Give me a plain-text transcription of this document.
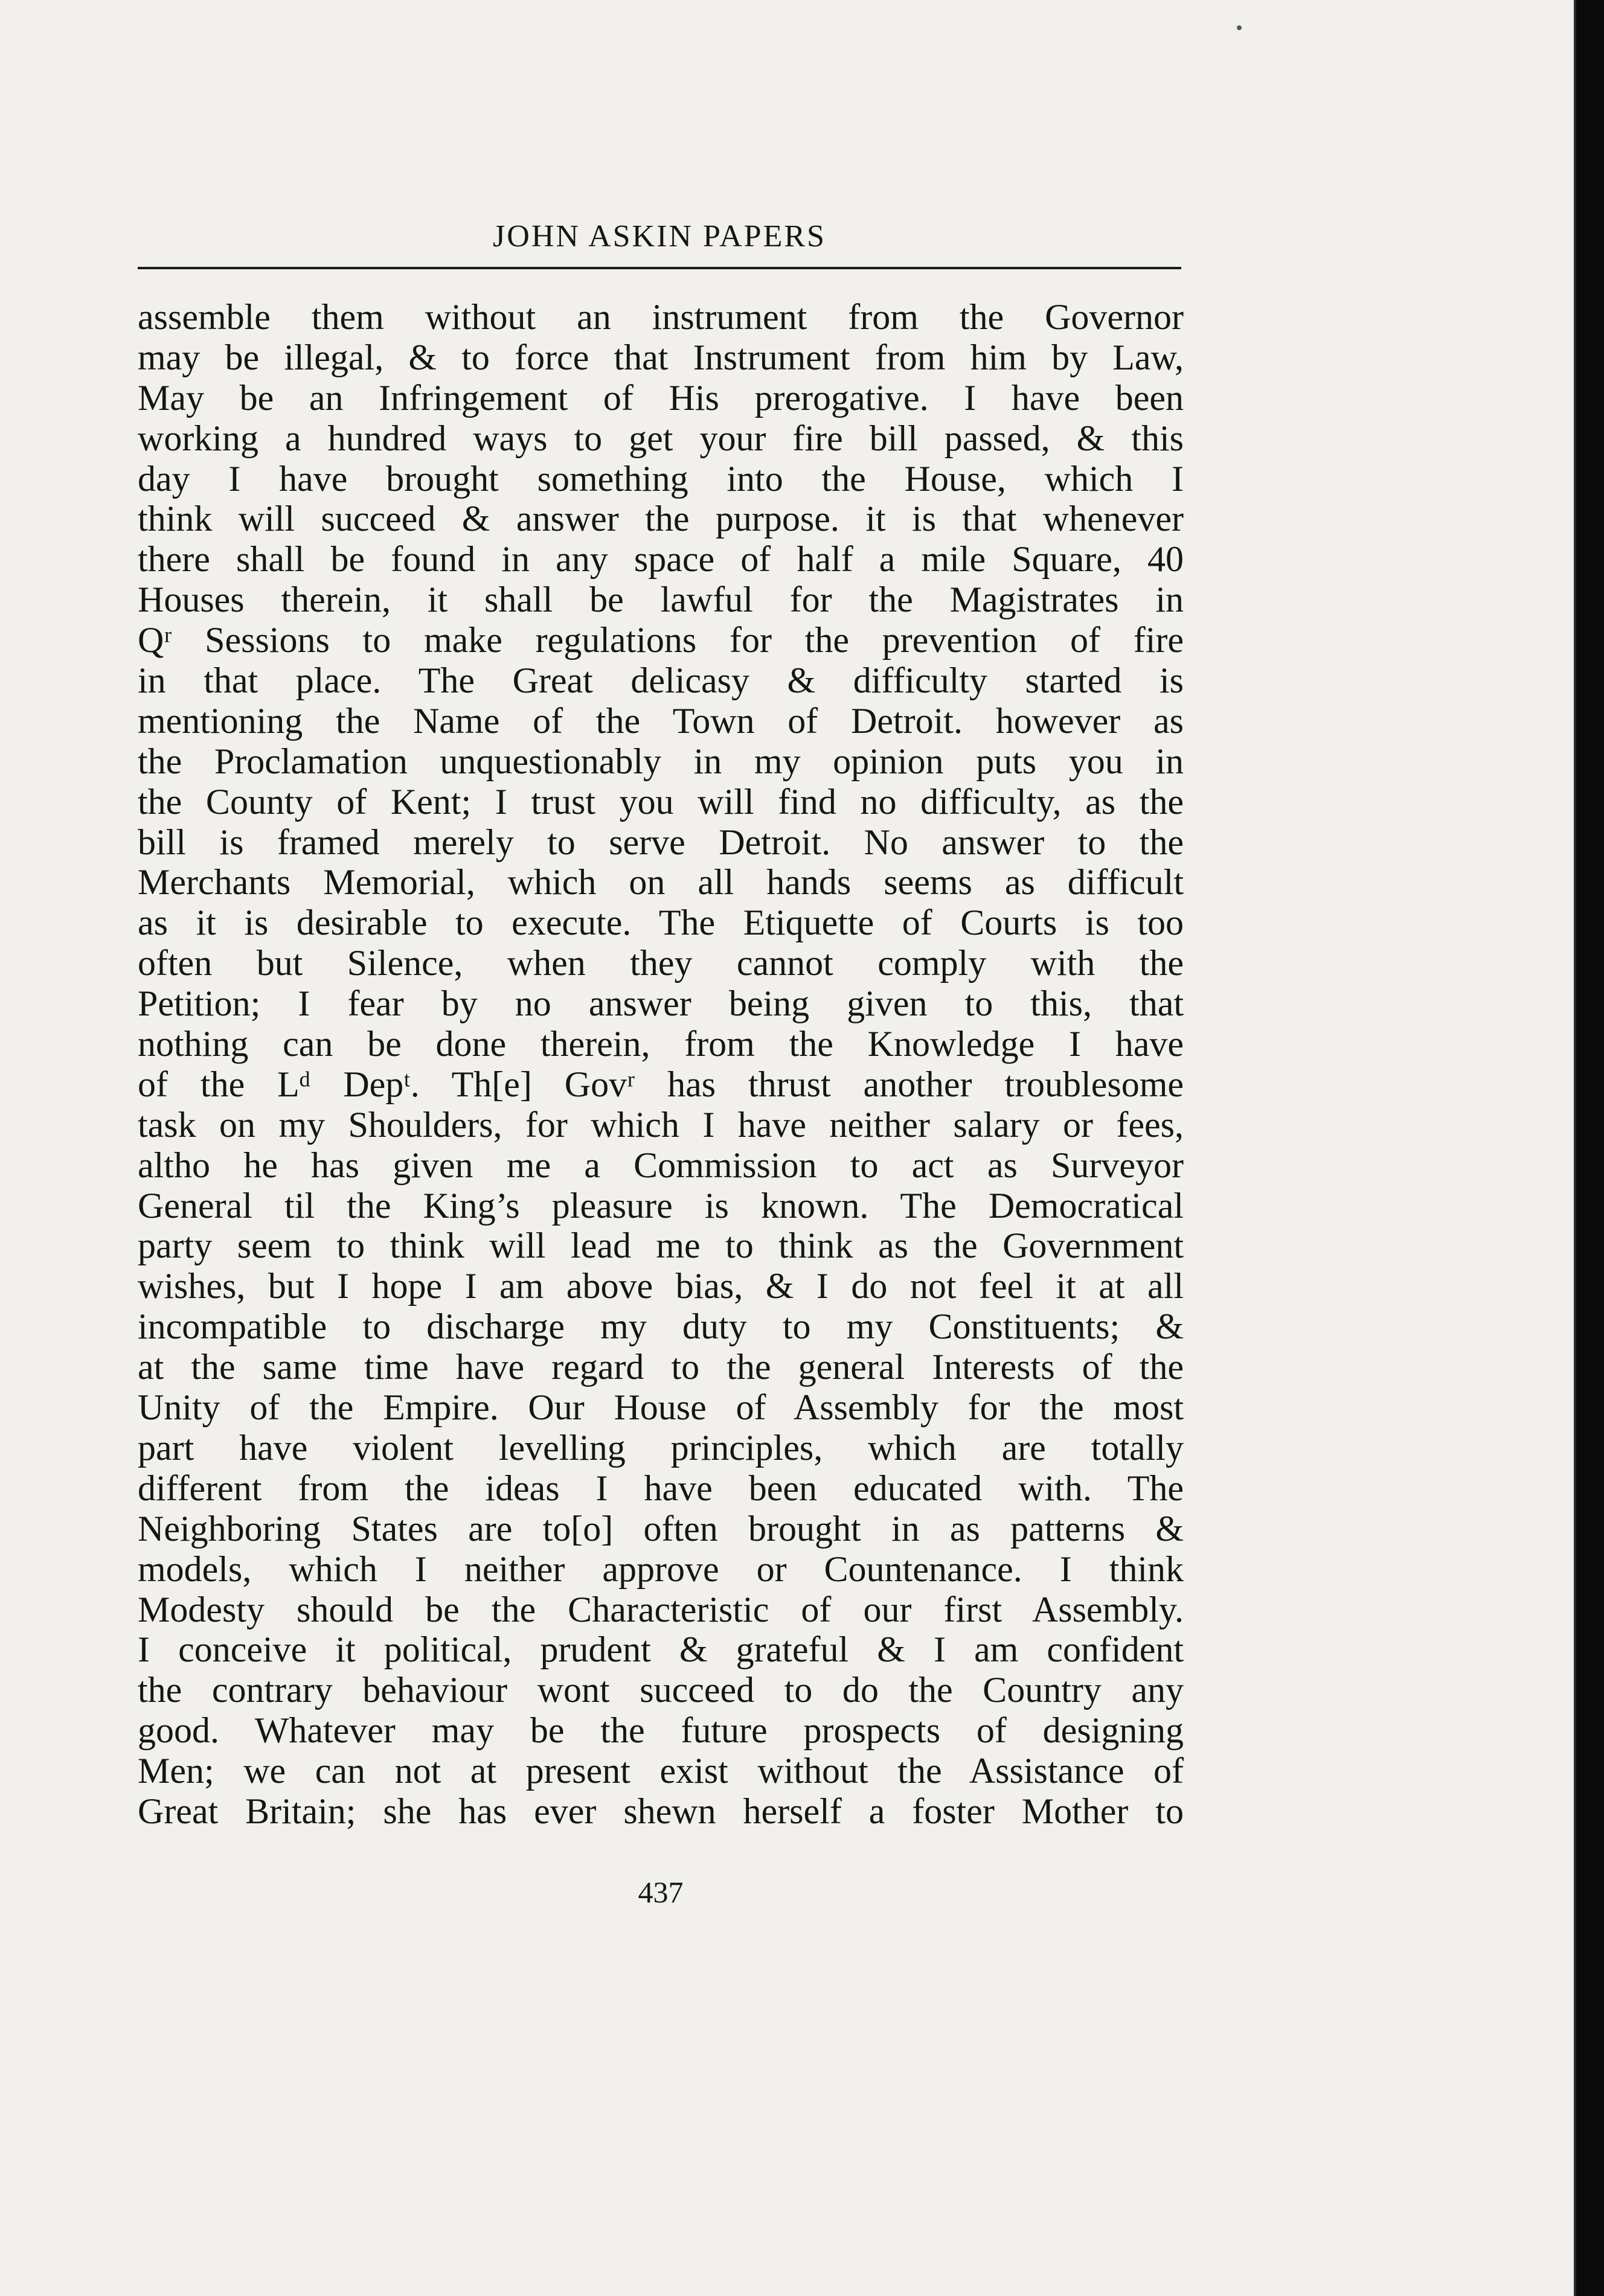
JOHN ASKIN PAPERS
assemble them without an instrument from the Governor
may be illegal, & to force that Instrument from him by Law,
May be an Infringement of His prerogative. I have been
working a hundred ways to get your fire bill passed, & this
day I have brought something into the House, which I
think will succeed & answer the purpose. it is that whenever
there shall be found in any space of half a mile Square, 40
Houses therein, it shall be lawful for the Magistrates in
Qʳ Sessions to make regulations for the prevention of fire
in that place. The Great delicasy & difficulty started is
mentioning the Name of the Town of Detroit. however as
the Proclamation unquestionably in my opinion puts you in
the County of Kent; I trust you will find no difficulty, as the
bill is framed merely to serve Detroit. No answer to the
Merchants Memorial, which on all hands seems as difficult
as it is desirable to execute. The Etiquette of Courts is too
often but Silence, when they cannot comply with the
Petition; I fear by no answer being given to this, that
nothing can be done therein, from the Knowledge I have
of the Lᵈ Depᵗ. Th[e] Govʳ has thrust another troublesome
task on my Shoulders, for which I have neither salary or fees,
altho he has given me a Commission to act as Surveyor
General til the King’s pleasure is known. The Democratical
party seem to think will lead me to think as the Government
wishes, but I hope I am above bias, & I do not feel it at all
incompatible to discharge my duty to my Constituents; &
at the same time have regard to the general Interests of the
Unity of the Empire. Our House of Assembly for the most
part have violent levelling principles, which are totally
different from the ideas I have been educated with. The
Neighboring States are to[o] often brought in as patterns &
models, which I neither approve or Countenance. I think
Modesty should be the Characteristic of our first Assembly.
I conceive it political, prudent & grateful & I am confident
the contrary behaviour wont succeed to do the Country any
good. Whatever may be the future prospects of designing
Men; we can not at present exist without the Assistance of
Great Britain; she has ever shewn herself a foster Mother to
437
